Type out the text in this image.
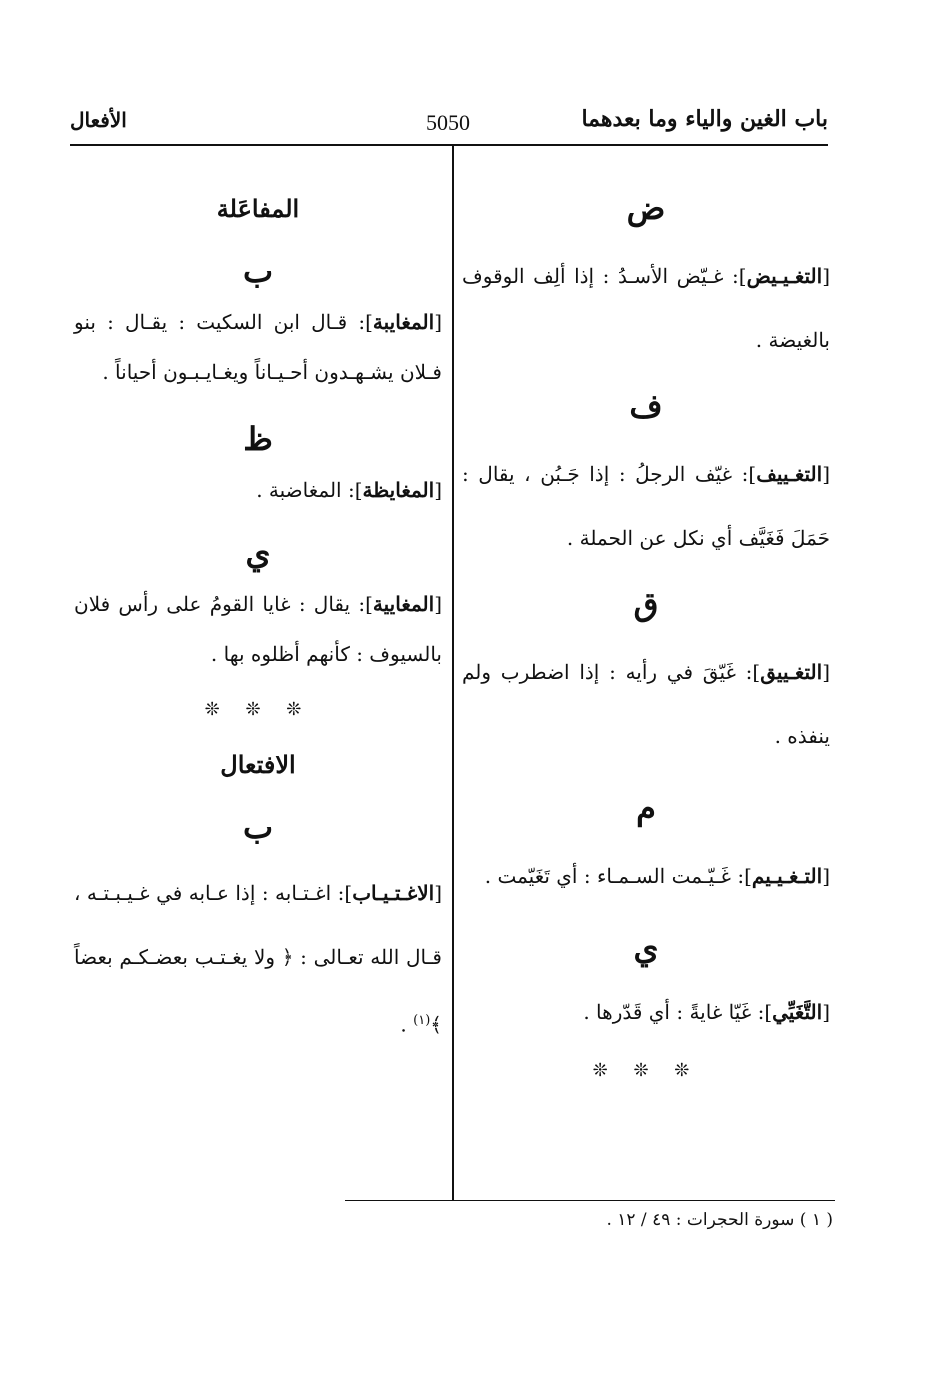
باب الغين والياء وما بعدهما
5050
الأفعال
ض
[التغـيـيض]: غـيّض الأسـدُ : إذا ألِف الوقوف بالغيضة .
ف
[التغـييف]: غيّف الرجلُ : إذا جَـبُن ، يقال : حَمَلَ فَغَيَّف أي نكل عن الحملة .
ق
[التغـييق]: غَيّقَ في رأيه : إذا اضطرب ولم ينفذه .
م
[التـغـيـيم]: غَـيّـمت السـمـاء : أي تَغَيّمت .
ي
[التَّغَيِّي]: غَيّا غايةً : أي قَدّرها .
❊ ❊ ❊
المفاعَلة
ب
[المغايبة]: قـال ابن السكيت : يقـال : بنو فـلان يشـهـدون أحـيـاناً ويغـايـبـون أحياناً .
ظ
[المغايظة]: المغاضبة .
ي
[المغايية]: يقال : غايا القومُ على رأس فلان بالسيوف : كأنهم أظلوه بها .
❊ ❊ ❊
الافتعال
ب
[الاغـتـيـاب]: اغـتـابه : إذا عـابه في غـيـبـتـه ، قـال الله تعـالى : ﴿ ولا يغـتـب بعضـكـم بعضاً ﴾$^{(١)}$ .
( ١ ) سورة الحجرات : ٤٩ / ١٢ .
